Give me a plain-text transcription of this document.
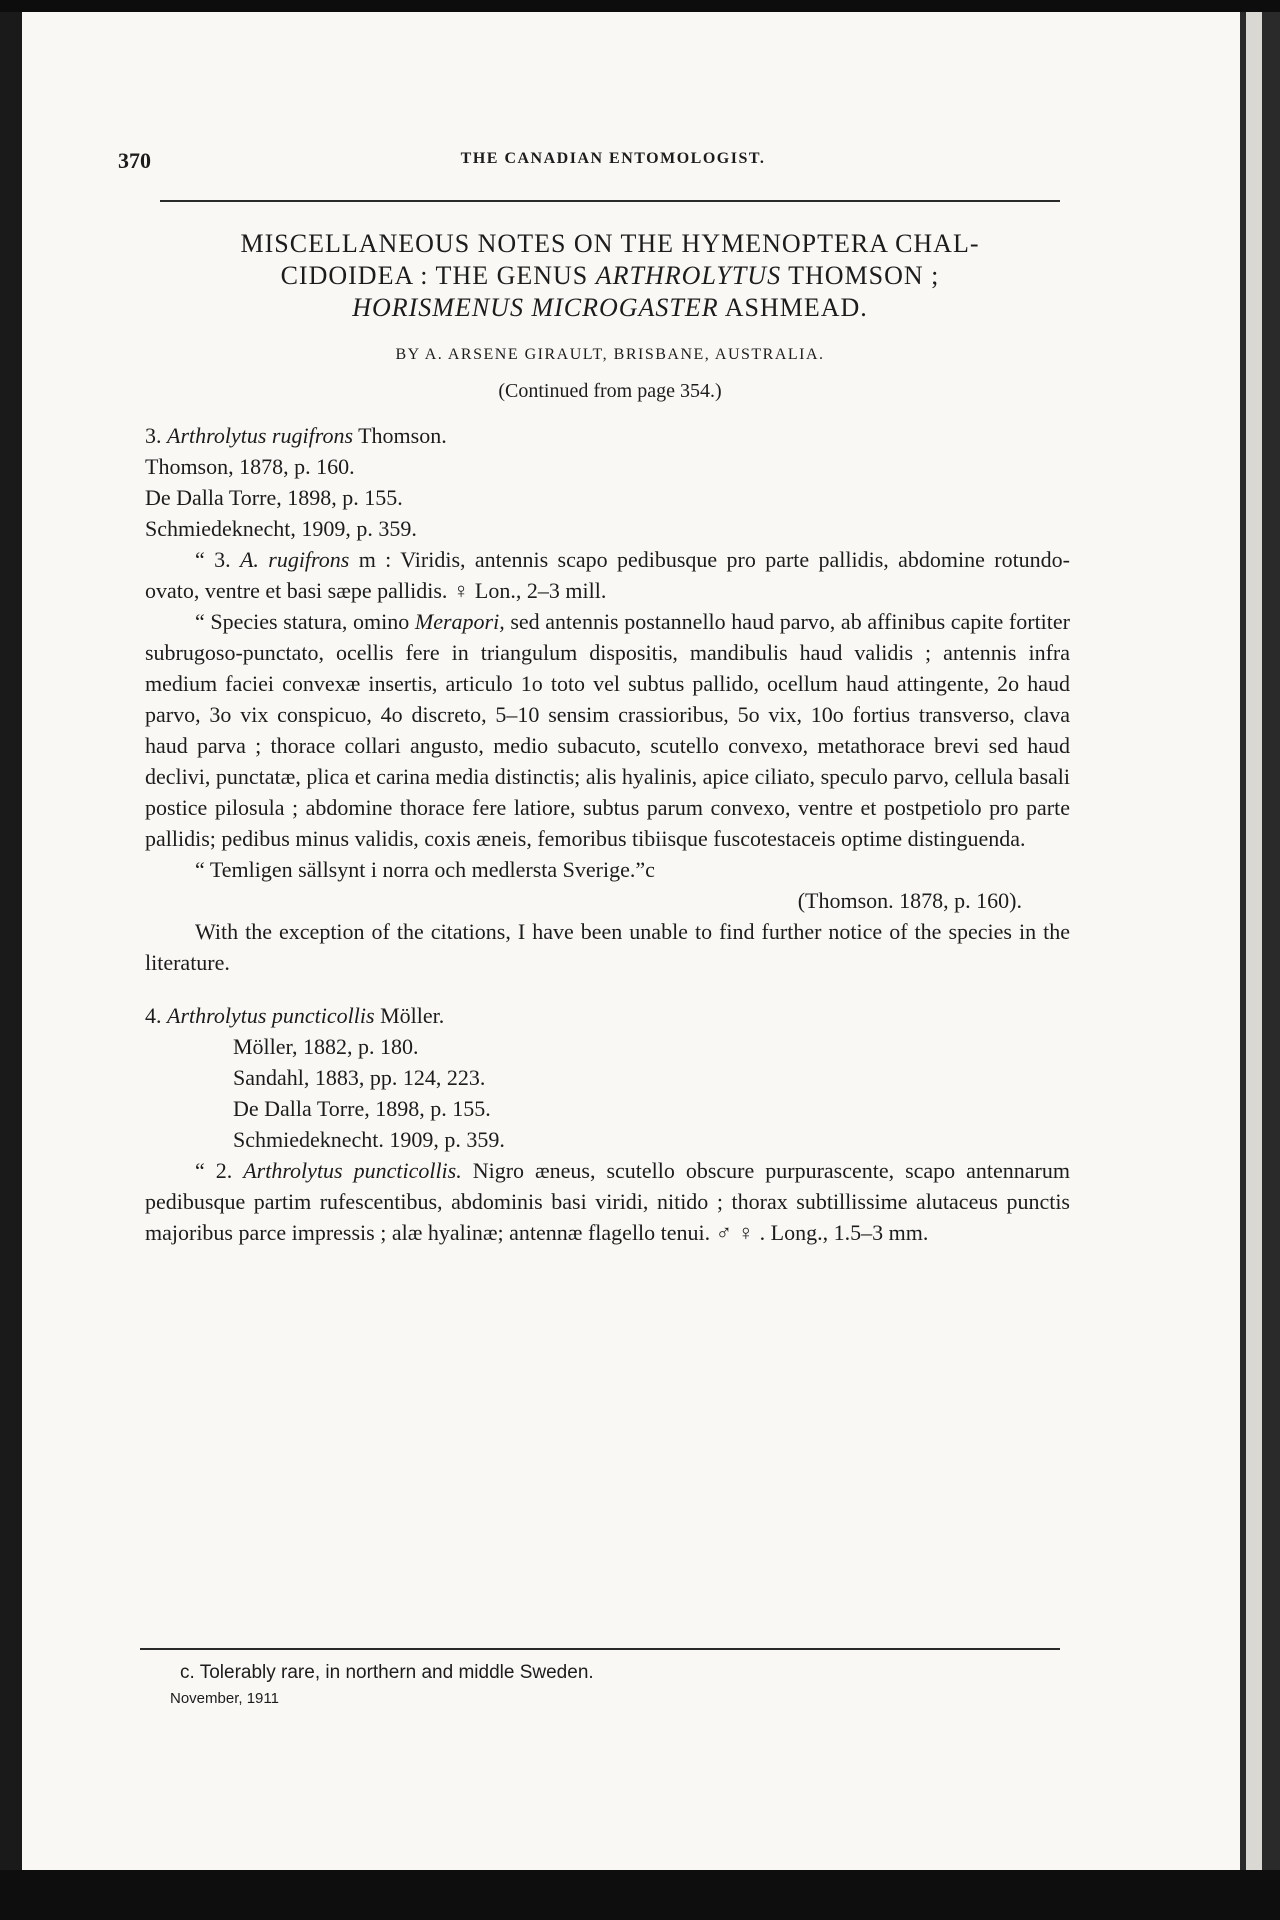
370	THE CANADIAN ENTOMOLOGIST.
MISCELLANEOUS NOTES ON THE HYMENOPTERA CHAL-
CIDOIDEA : THE GENUS ARTHROLYTUS THOMSON ;
HORISMENUS MICROGASTER ASHMEAD.
BY A. ARSENE GIRAULT, BRISBANE, AUSTRALIA.
(Continued from page 354.)

3. Arthrolytus rugifrons Thomson.

Thomson, 1878, p. 160.

De Dalla Torre, 1898, p. 155.

Schmiedeknecht, 1909, p. 359.

“ 3. A. rugifrons m : Viridis, antennis scapo pedibusque pro parte pallidis, abdomine rotundo-ovato, ventre et basi sæpe pallidis. ♀ Lon., 2–3 mill.

“ Species statura, omino Merapori, sed antennis postannello haud parvo, ab affinibus capite fortiter subrugoso-punctato, ocellis fere in triangulum dispositis, mandibulis haud validis ; antennis infra medium faciei convexæ insertis, articulo 1o toto vel subtus pallido, ocellum haud attingente, 2o haud parvo, 3o vix conspicuo, 4o discreto, 5–10 sensim crassioribus, 5o vix, 10o fortius transverso, clava haud parva ; thorace collari angusto, medio subacuto, scutello convexo, metathorace brevi sed haud declivi, punctatæ, plica et carina media distinctis; alis hyalinis, apice ciliato, speculo parvo, cellula basali postice pilosula ; abdomine thorace fere latiore, subtus parum convexo, ventre et postpetiolo pro parte pallidis; pedibus minus validis, coxis æneis, femoribus tibiisque fuscotestaceis optime distinguenda.

“ Temligen sällsynt i norra och medlersta Sverige.”c

(Thomson. 1878, p. 160).

With the exception of the citations, I have been unable to find further notice of the species in the literature.

4. Arthrolytus puncticollis Möller.

Möller, 1882, p. 180.

Sandahl, 1883, pp. 124, 223.

De Dalla Torre, 1898, p. 155.

Schmiedeknecht. 1909, p. 359.

“ 2. Arthrolytus puncticollis. Nigro æneus, scutello obscure purpurascente, scapo antennarum pedibusque partim rufescentibus, abdominis basi viridi, nitido ; thorax subtillissime alutaceus punctis majoribus parce impressis ; alæ hyalinæ; antennæ flagello tenui. ♂ ♀ . Long., 1.5–3 mm.

c. Tolerably rare, in northern and middle Sweden.
November, 1911
